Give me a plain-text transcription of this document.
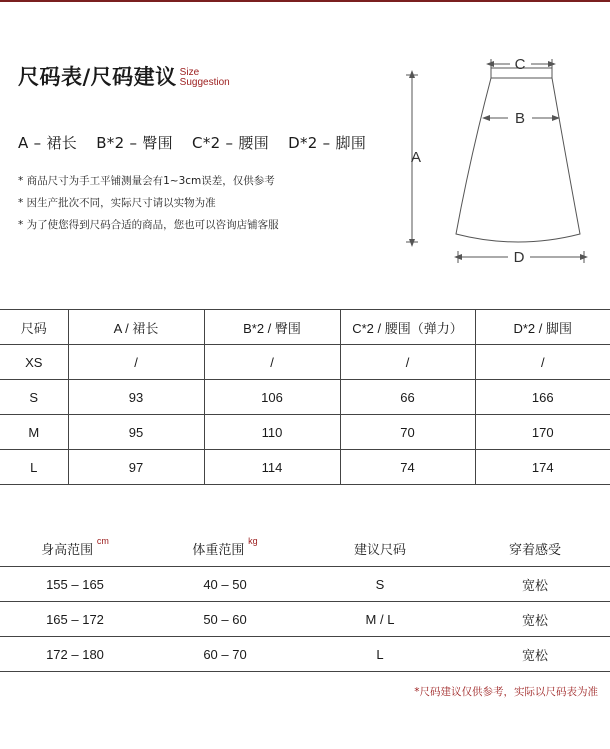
尺码表/尺码建议 Size
Suggestion
A – 裙长 B*2 – 臀围 C*2 – 腰围 D*2 – 脚围
* 商品尺寸为手工平铺测量会有1~3cm误差，仅供参考
* 因生产批次不同，实际尺寸请以实物为准
* 为了使您得到尺码合适的商品，您也可以咨询店铺客服
A
C
B
D
尺码	A / 裙长	B*2 / 臀围	C*2 / 腰围（弹力）	D*2 / 脚围
XS	/	/	/	/
S	93	106	66	166
M	95	110	70	170
L	97	114	74	174
身高范围 $^{cm}$	体重范围 $^{kg}$	建议尺码	穿着感受
155 – 165	40 – 50	S	宽松
165 – 172	50 – 60	M / L	宽松
172 – 180	60 – 70	L	宽松
*尺码建议仅供参考，实际以尺码表为准
